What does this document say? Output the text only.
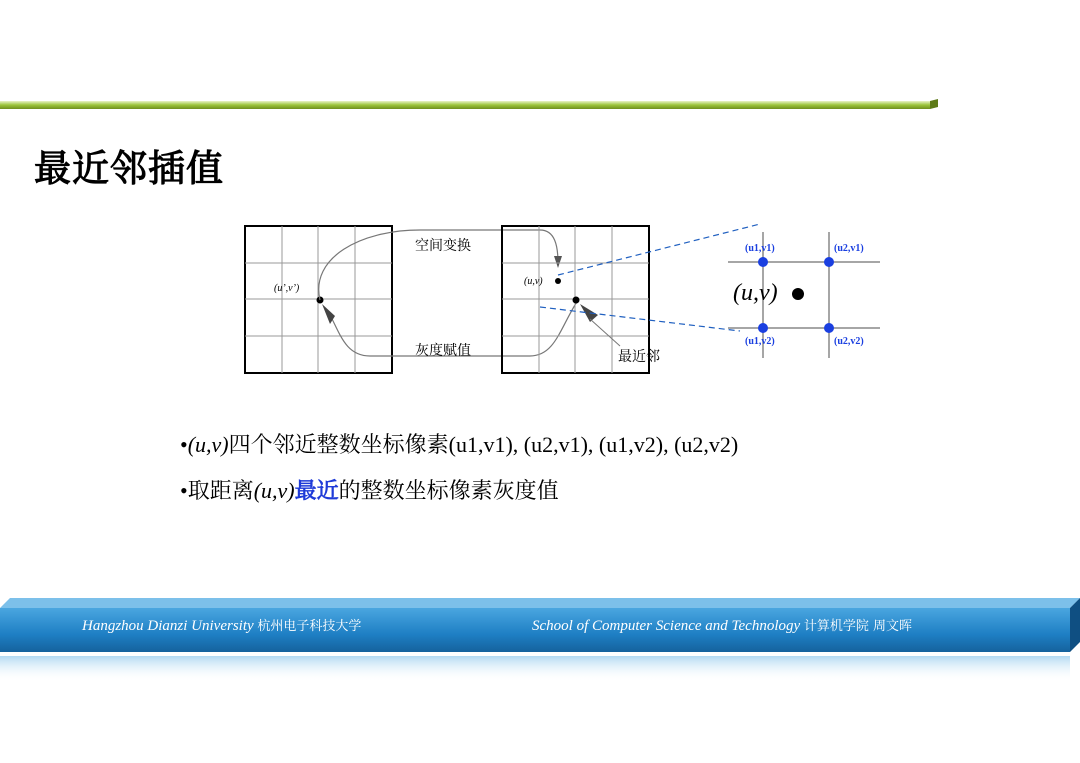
最近邻插值
(u’,v’)
空间变换
灰度赋值
(u,v)
最近邻
(u1,v1)	(u2,v1)
(u1,v2)	(u2,v2)
(u,v)
•(u,v)四个邻近整数坐标像素(u1,v1), (u2,v1), (u1,v2), (u2,v2)
•取距离(u,v)最近的整数坐标像素灰度值
Hangzhou Dianzi University 杭州电子科技大学	School of Computer Science and Technology 计算机学院 周文晖
